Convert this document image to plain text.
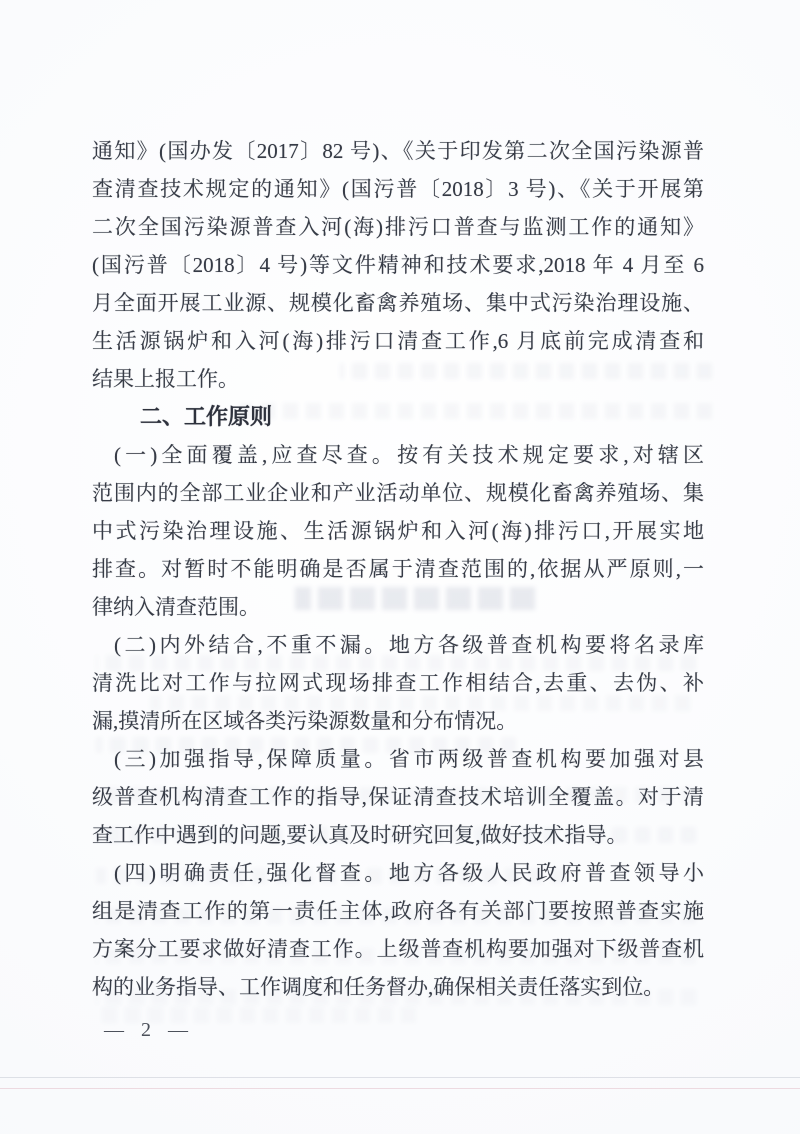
通知》(国办发〔2017〕82 号)、《关于印发第二次全国污染源普
查清查技术规定的通知》(国污普〔2018〕3 号)、《关于开展第
二次全国污染源普查入河(海)排污口普查与监测工作的通知》
(国污普〔2018〕4 号)等文件精神和技术要求,2018 年 4 月至 6
月全面开展工业源、规模化畜禽养殖场、集中式污染治理设施、
生活源锅炉和入河(海)排污口清查工作,6 月底前完成清查和
结果上报工作。
二、工作原则
(一)全面覆盖,应查尽查。按有关技术规定要求,对辖区
范围内的全部工业企业和产业活动单位、规模化畜禽养殖场、集
中式污染治理设施、生活源锅炉和入河(海)排污口,开展实地
排查。对暂时不能明确是否属于清查范围的,依据从严原则,一
律纳入清查范围。
(二)内外结合,不重不漏。地方各级普查机构要将名录库
清洗比对工作与拉网式现场排查工作相结合,去重、去伪、补
漏,摸清所在区域各类污染源数量和分布情况。
(三)加强指导,保障质量。省市两级普查机构要加强对县
级普查机构清查工作的指导,保证清查技术培训全覆盖。对于清
查工作中遇到的问题,要认真及时研究回复,做好技术指导。
(四)明确责任,强化督查。地方各级人民政府普查领导小
组是清查工作的第一责任主体,政府各有关部门要按照普查实施
方案分工要求做好清查工作。上级普查机构要加强对下级普查机
构的业务指导、工作调度和任务督办,确保相关责任落实到位。
— 2 —
